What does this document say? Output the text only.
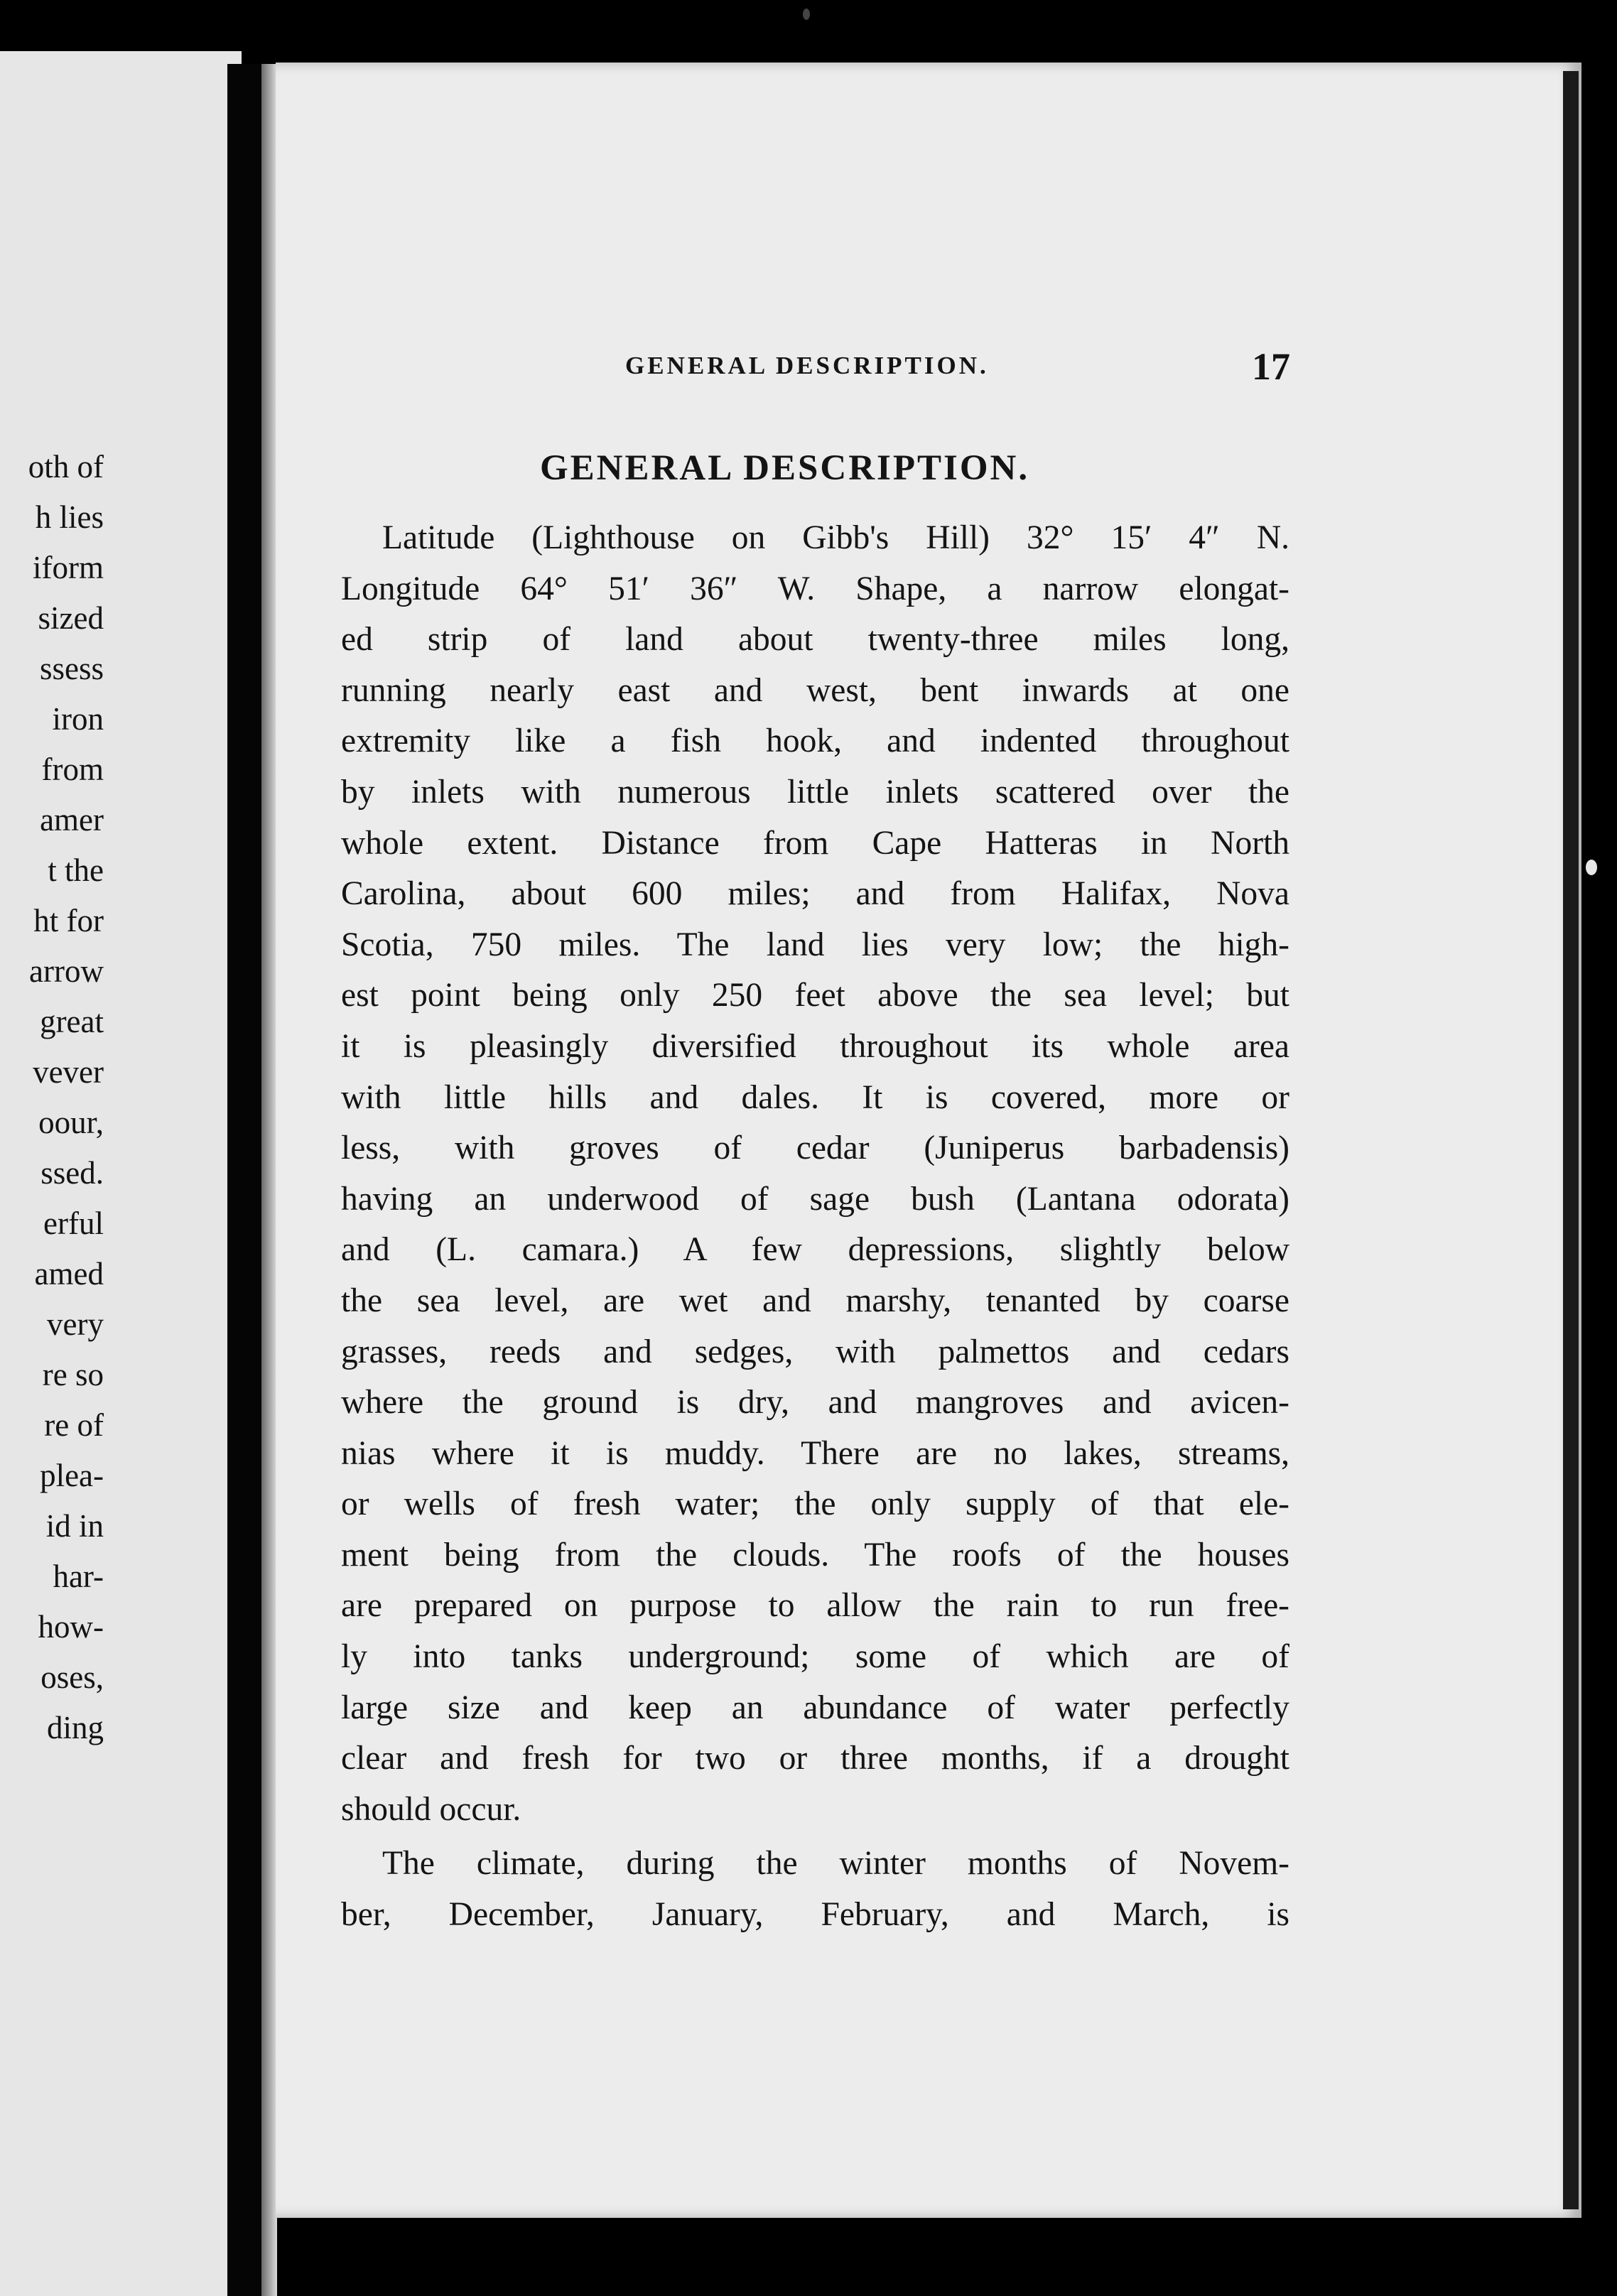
oth of
h lies
iform
sized
ssess
iron
from
amer
t the
ht for
arrow
great
vever
oour,
ssed.
erful
amed
very
re so
re of
plea-
id in
har-
how-
oses,
ding
GENERAL DESCRIPTION.	17
GENERAL DESCRIPTION.
Latitude (Lighthouse on Gibb's Hill) 32° 15′ 4″ N.
Longitude 64° 51′ 36″ W. Shape, a narrow elongat-
ed strip of land about twenty-three miles long,
running nearly east and west, bent inwards at one
extremity like a fish hook, and indented throughout
by inlets with numerous little inlets scattered over the
whole extent. Distance from Cape Hatteras in North
Carolina, about 600 miles; and from Halifax, Nova
Scotia, 750 miles. The land lies very low; the high-
est point being only 250 feet above the sea level; but
it is pleasingly diversified throughout its whole area
with little hills and dales. It is covered, more or
less, with groves of cedar (Juniperus barbadensis)
having an underwood of sage bush (Lantana odorata)
and (L. camara.) A few depressions, slightly below
the sea level, are wet and marshy, tenanted by coarse
grasses, reeds and sedges, with palmettos and cedars
where the ground is dry, and mangroves and avicen-
nias where it is muddy. There are no lakes, streams,
or wells of fresh water; the only supply of that ele-
ment being from the clouds. The roofs of the houses
are prepared on purpose to allow the rain to run free-
ly into tanks underground; some of which are of
large size and keep an abundance of water perfectly
clear and fresh for two or three months, if a drought
should occur.
The climate, during the winter months of Novem-
ber, December, January, February, and March, is
